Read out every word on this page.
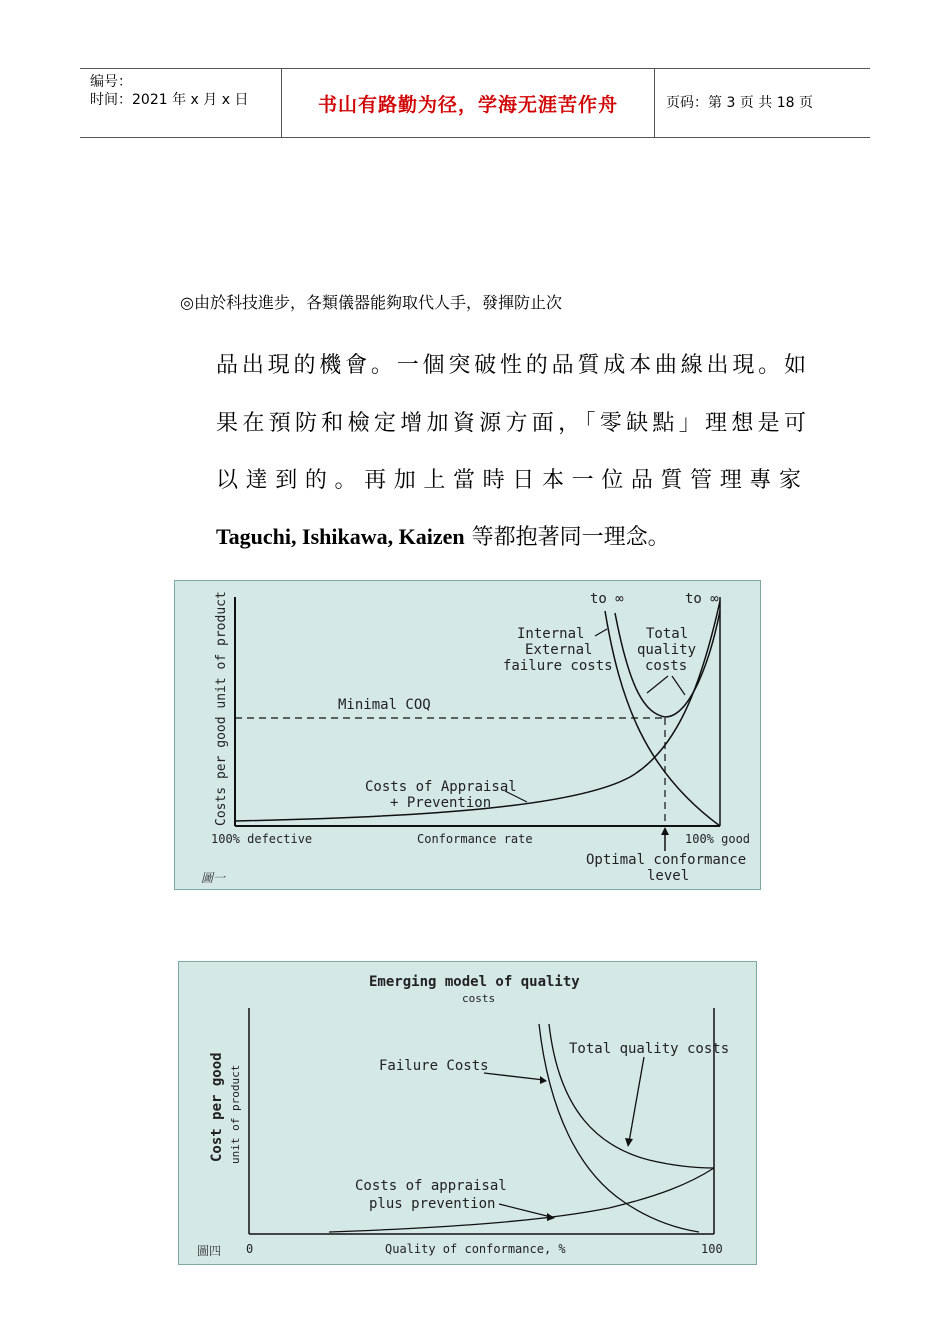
编号：
时间：2021 年 x 月 x 日	书山有路勤为径，学海无涯苦作舟	页码：第 3 页 共 18 页
◎由於科技進步，各類儀器能夠取代人手，發揮防止次
品出現的機會。一個突破性的品質成本曲線出現。如
果在預防和檢定增加資源方面，「零缺點」理想是可
以達到的。再加上當時日本一位品質管理專家
Taguchi, Ishikawa, Kaizen 等都抱著同一理念。
Costs per good unit of product	to ∞	to ∞
Internal
External
failure costs
Total
quality
costs
Minimal COQ
Costs of Appraisal
+ Prevention
100% defective	Conformance rate	100% good
Optimal conformance
level
圖一
Emerging model of quality
costs
Cost per good unit of product	Failure Costs
Total quality costs
Costs of appraisal
plus prevention
0	Quality of conformance, %	100
圖四
